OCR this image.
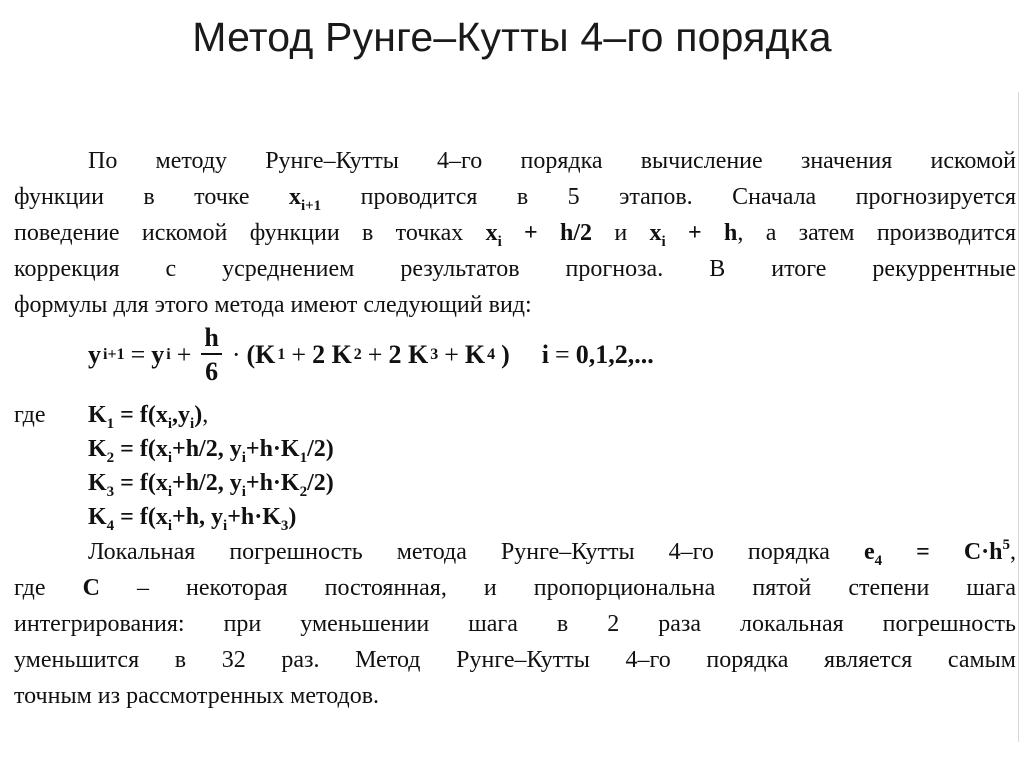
Метод Рунге–Кутты 4–го порядка
По методу Рунге–Кутты 4–го порядка вычисление значения искомой
функции в точке $x_{i+1}$ проводится в 5 этапов. Сначала прогнозируется
поведение искомой функции в точках $x_i + h/2$ и $x_i + h$, а затем производится
коррекция с усреднением результатов прогноза. В итоге рекуррентные
формулы для этого метода имеют следующий вид:
y i+1 = y $i + \frac{h}{6} \cdot (K$ 1 + 2 K 2 + 2 K 3 + K 4 ) i = 0,1,2,...
где	$K_1 = f(x_i,y_i)$ ,
$K_2 = f(x_i+h/2$, $y_i+h\cdot K_1/2$)
$K_3 = f(x_i+h/2$, $y_i+h\cdot K_2/2$)
$K_4 = f(x_i+h$, $y_i+h\cdot K_3$)
Локальная погрешность метода Рунге–Кутты 4–го порядка $e_4 = C\cdot h^5$,
где C – некоторая постоянная, и пропорциональна пятой степени шага
интегрирования: при уменьшении шага в 2 раза локальная погрешность
уменьшится в 32 раз. Метод Рунге–Кутты 4–го порядка является самым
точным из рассмотренных методов.
